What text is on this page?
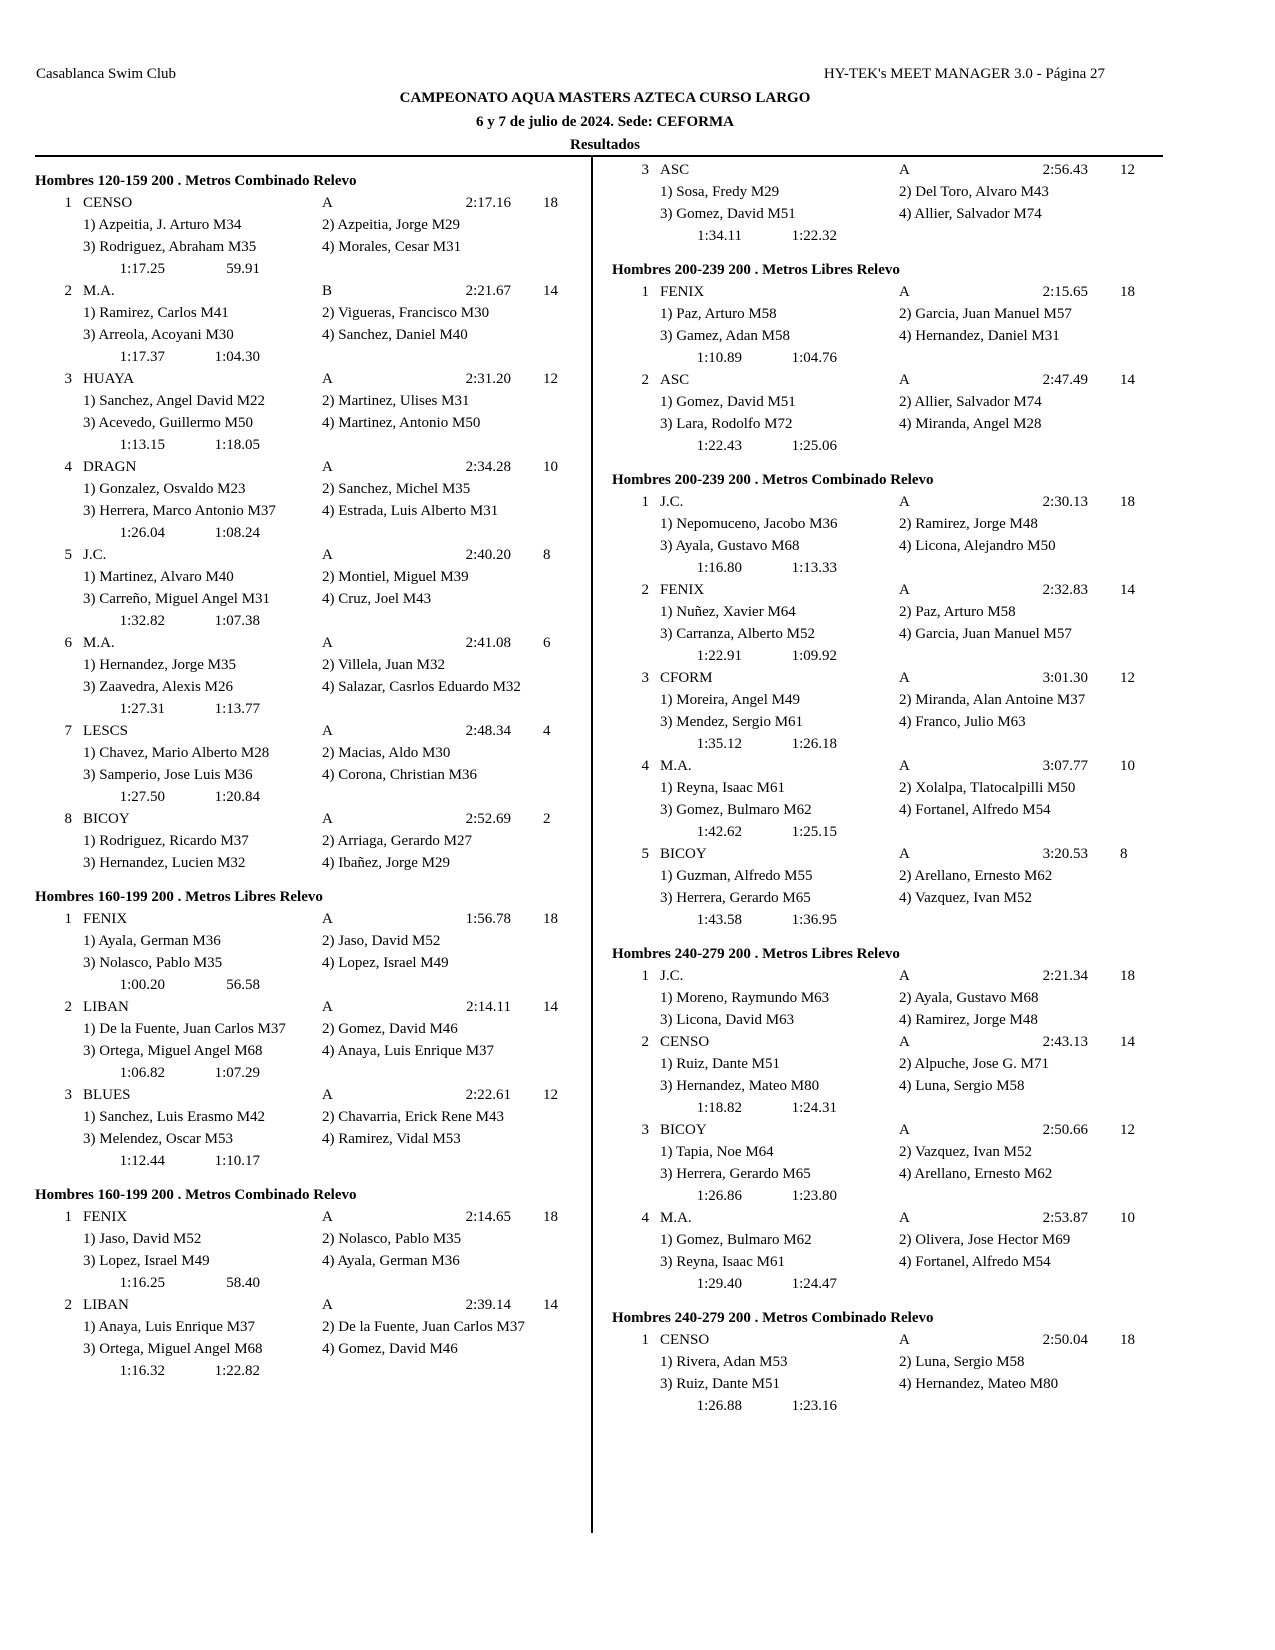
Casablanca Swim Club	HY-TEK's MEET MANAGER 3.0 - Página 27
CAMPEONATO AQUA MASTERS AZTECA CURSO LARGO
6 y 7 de julio de 2024. Sede: CEFORMA
Resultados
Hombres 120-159 200 . Metros Combinado Relevo
1 CENSO	A	2:17.16 18
1) Azpeitia, J. Arturo M34	2) Azpeitia, Jorge M29
3) Rodriguez, Abraham M35	4) Morales, Cesar M31
1:17.25	59.91
2 M.A.	B	2:21.67 14
1) Ramirez, Carlos M41	2) Vigueras, Francisco M30
3) Arreola, Acoyani M30	4) Sanchez, Daniel M40
1:17.37	1:04.30
3 HUAYA	A	2:31.20 12
1) Sanchez, Angel David M22	2) Martinez, Ulises M31
3) Acevedo, Guillermo M50	4) Martinez, Antonio M50
1:13.15	1:18.05
4 DRAGN	A	2:34.28 10
1) Gonzalez, Osvaldo M23	2) Sanchez, Michel M35
3) Herrera, Marco Antonio M37	4) Estrada, Luis Alberto M31
1:26.04	1:08.24
5 J.C.	A	2:40.20 8
1) Martinez, Alvaro M40	2) Montiel, Miguel M39
3) Carreño, Miguel Angel M31	4) Cruz, Joel M43
1:32.82	1:07.38
6 M.A.	A	2:41.08 6
1) Hernandez, Jorge M35	2) Villela, Juan M32
3) Zaavedra, Alexis M26	4) Salazar, Casrlos Eduardo M32
1:27.31	1:13.77
7 LESCS	A	2:48.34 4
1) Chavez, Mario Alberto M28	2) Macias, Aldo M30
3) Samperio, Jose Luis M36	4) Corona, Christian M36
1:27.50	1:20.84
8 BICOY	A	2:52.69 2
1) Rodriguez, Ricardo M37	2) Arriaga, Gerardo M27
3) Hernandez, Lucien M32	4) Ibañez, Jorge M29
Hombres 160-199 200 . Metros Libres Relevo
1 FENIX	A	1:56.78 18
1) Ayala, German M36	2) Jaso, David M52
3) Nolasco, Pablo M35	4) Lopez, Israel M49
1:00.20	56.58
2 LIBAN	A	2:14.11 14
1) De la Fuente, Juan Carlos M37 2) Gomez, David M46
3) Ortega, Miguel Angel M68	4) Anaya, Luis Enrique M37
1:06.82	1:07.29
3 BLUES	A	2:22.61 12
1) Sanchez, Luis Erasmo M42	2) Chavarria, Erick Rene M43
3) Melendez, Oscar M53	4) Ramirez, Vidal M53
1:12.44	1:10.17
Hombres 160-199 200 . Metros Combinado Relevo
1 FENIX	A	2:14.65 18
1) Jaso, David M52	2) Nolasco, Pablo M35
3) Lopez, Israel M49	4) Ayala, German M36
1:16.25	58.40
2 LIBAN	A	2:39.14 14
1) Anaya, Luis Enrique M37	2) De la Fuente, Juan Carlos M37
3) Ortega, Miguel Angel M68	4) Gomez, David M46
1:16.32	1:22.82
3 ASC	A	2:56.43 12
1) Sosa, Fredy M29	2) Del Toro, Alvaro M43
3) Gomez, David M51	4) Allier, Salvador M74
1:34.11	1:22.32
Hombres 200-239 200 . Metros Libres Relevo
1 FENIX	A	2:15.65 18
1) Paz, Arturo M58	2) Garcia, Juan Manuel M57
3) Gamez, Adan M58	4) Hernandez, Daniel M31
1:10.89	1:04.76
2 ASC	A	2:47.49 14
1) Gomez, David M51	2) Allier, Salvador M74
3) Lara, Rodolfo M72	4) Miranda, Angel M28
1:22.43	1:25.06
Hombres 200-239 200 . Metros Combinado Relevo
1 J.C.	A	2:30.13 18
1) Nepomuceno, Jacobo M36	2) Ramirez, Jorge M48
3) Ayala, Gustavo M68	4) Licona, Alejandro M50
1:16.80	1:13.33
2 FENIX	A	2:32.83 14
1) Nuñez, Xavier M64	2) Paz, Arturo M58
3) Carranza, Alberto M52	4) Garcia, Juan Manuel M57
1:22.91	1:09.92
3 CFORM	A	3:01.30 12
1) Moreira, Angel M49	2) Miranda, Alan Antoine M37
3) Mendez, Sergio M61	4) Franco, Julio M63
1:35.12	1:26.18
4 M.A.	A	3:07.77 10
1) Reyna, Isaac M61	2) Xolalpa, Tlatocalpilli M50
3) Gomez, Bulmaro M62	4) Fortanel, Alfredo M54
1:42.62	1:25.15
5 BICOY	A	3:20.53 8
1) Guzman, Alfredo M55	2) Arellano, Ernesto M62
3) Herrera, Gerardo M65	4) Vazquez, Ivan M52
1:43.58	1:36.95
Hombres 240-279 200 . Metros Libres Relevo
1 J.C.	A	2:21.34 18
1) Moreno, Raymundo M63	2) Ayala, Gustavo M68
3) Licona, David M63	4) Ramirez, Jorge M48
2 CENSO	A	2:43.13 14
1) Ruiz, Dante M51	2) Alpuche, Jose G. M71
3) Hernandez, Mateo M80	4) Luna, Sergio M58
1:18.82	1:24.31
3 BICOY	A	2:50.66 12
1) Tapia, Noe M64	2) Vazquez, Ivan M52
3) Herrera, Gerardo M65	4) Arellano, Ernesto M62
1:26.86	1:23.80
4 M.A.	A	2:53.87 10
1) Gomez, Bulmaro M62	2) Olivera, Jose Hector M69
3) Reyna, Isaac M61	4) Fortanel, Alfredo M54
1:29.40	1:24.47
Hombres 240-279 200 . Metros Combinado Relevo
1 CENSO	A	2:50.04 18
1) Rivera, Adan M53	2) Luna, Sergio M58
3) Ruiz, Dante M51	4) Hernandez, Mateo M80
1:26.88	1:23.16
